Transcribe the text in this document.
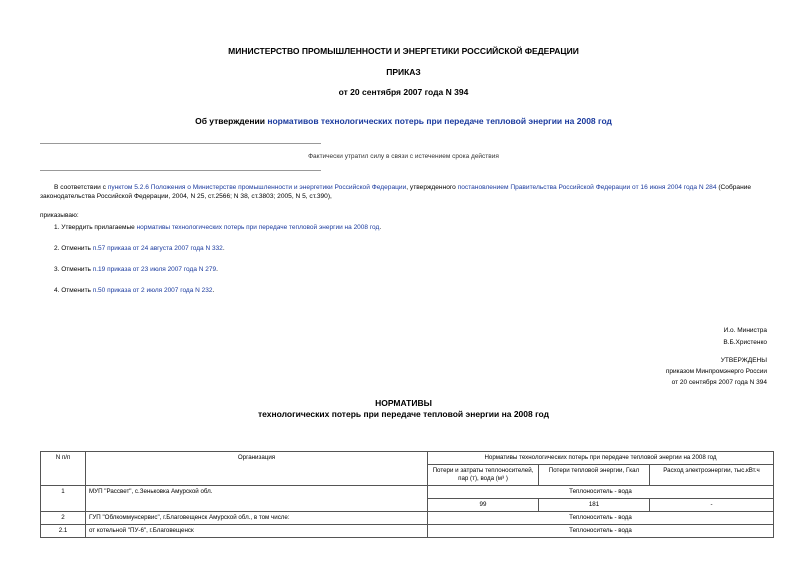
МИНИСТЕРСТВО ПРОМЫШЛЕННОСТИ И ЭНЕРГЕТИКИ РОССИЙСКОЙ ФЕДЕРАЦИИ
ПРИКАЗ
от 20 сентября 2007 года N 394
Об утверждении нормативов технологических потерь при передаче тепловой энергии на 2008 год
Фактически утратил силу в связи с истечением срока действия

В соответствии с пунктом 5.2.6 Положения о Министерстве промышленности и энергетики Российской Федерации, утвержденного постановлением Правительства Российской Федерации от 16 июня 2004 года N 284 (Собрание законодательства Российской Федерации, 2004, N 25, ст.2566; N 38, ст.3803; 2005, N 5, ст.390),

приказываю:
1. Утвердить прилагаемые нормативы технологических потерь при передаче тепловой энергии на 2008 год.
2. Отменить п.57 приказа от 24 августа 2007 года N 332.
3. Отменить п.19 приказа от 23 июля 2007 года N 279.
4. Отменить п.50 приказа от 2 июля 2007 года N 232.
И.о. Министра
В.Б.Христенко
УТВЕРЖДЕНЫ
приказом Минпромэнерго России
от 20 сентября 2007 года N 394
НОРМАТИВЫ
технологических потерь при передаче тепловой энергии на 2008 год
N п/п	Организация	Нормативы технологических потерь при передаче тепловой энергии на 2008 год		
		Потери и затраты теплоносителей, пар (т), вода (м³ )	Потери тепловой энергии, Гкал	Расход электроэнергии, тыс.кВт.ч
1	МУП "Рассвет", с.Зеньковка Амурской обл.	Теплоноситель - вода		
		99	181	-
2	ГУП "Облкоммунсервис", г.Благовещенск Амурской обл., в том числе:	Теплоноситель - вода		
2.1	от котельной "ПУ-6", г.Благовещенск	Теплоноситель - вода		
